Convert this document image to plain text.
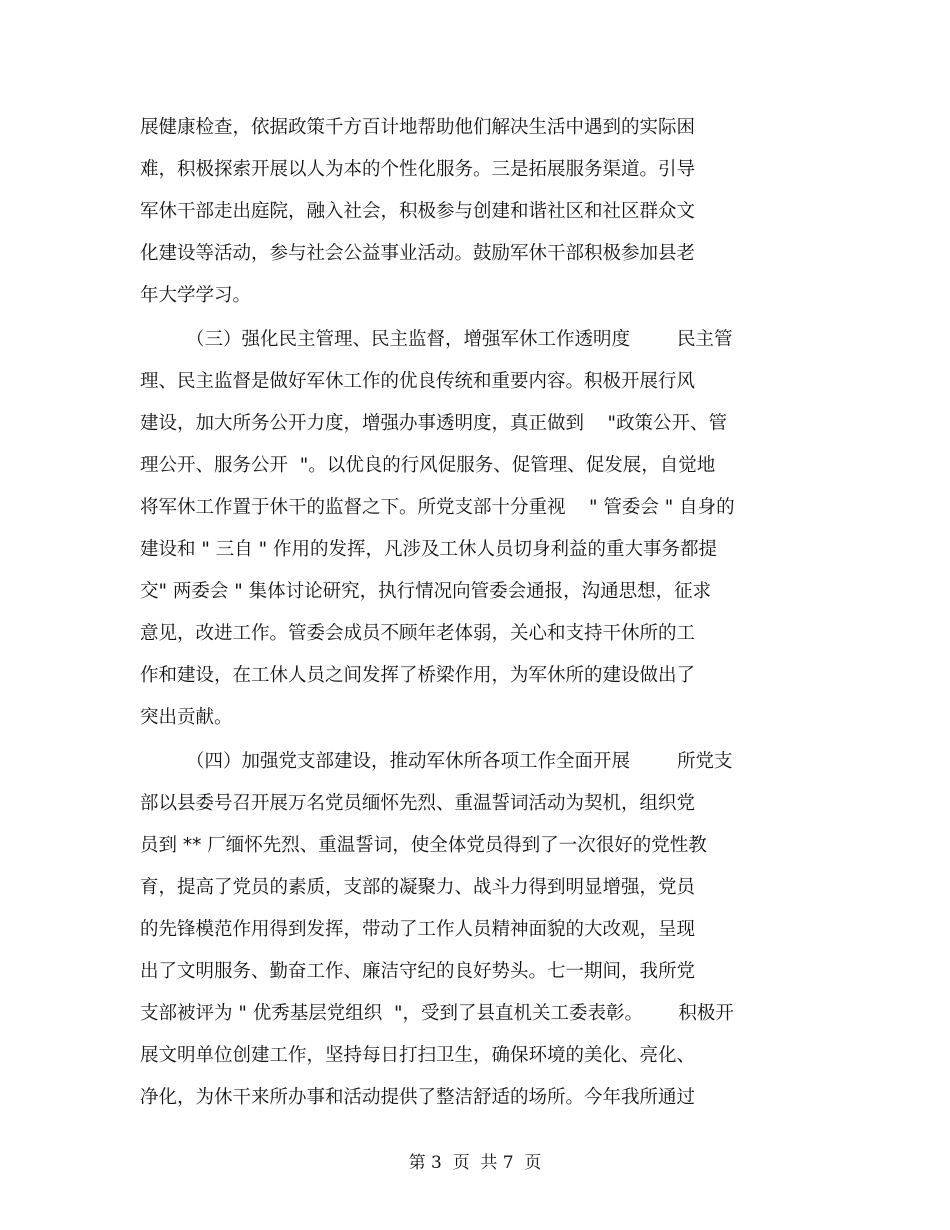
展健康检查，依据政策千方百计地帮助他们解决生活中遇到的实际困
难，积极探索开展以人为本的个性化服务。三是拓展服务渠道。引导
军休干部走出庭院，融入社会，积极参与创建和谐社区和社区群众文
化建设等活动，参与社会公益事业活动。鼓励军休干部积极参加县老
年大学学习。
（三）强化民主管理、民主监督，增强军休工作透明度        民主管
理、民主监督是做好军休工作的优良传统和重要内容。积极开展行风
建设，加大所务公开力度，增强办事透明度，真正做到    "政策公开、管
理公开、服务公开  "。以优良的行风促服务、促管理、促发展，自觉地
将军休工作置于休干的监督之下。所党支部十分重视    " 管委会 " 自身的
建设和 " 三自 " 作用的发挥，凡涉及工休人员切身利益的重大事务都提
交" 两委会 " 集体讨论研究，执行情况向管委会通报，沟通思想，征求
意见，改进工作。管委会成员不顾年老体弱，关心和支持干休所的工
作和建设，在工休人员之间发挥了桥梁作用，为军休所的建设做出了
突出贡献。
（四）加强党支部建设，推动军休所各项工作全面开展        所党支
部以县委号召开展万名党员缅怀先烈、重温誓词活动为契机，组织党
员到 ** 厂缅怀先烈、重温誓词，使全体党员得到了一次很好的党性教
育，提高了党员的素质，支部的凝聚力、战斗力得到明显增强，党员
的先锋模范作用得到发挥，带动了工作人员精神面貌的大改观，呈现
出了文明服务、勤奋工作、廉洁守纪的良好势头。七一期间，我所党
支部被评为 " 优秀基层党组织  "，受到了县直机关工委表彰。      积极开
展文明单位创建工作，坚持每日打扫卫生，确保环境的美化、亮化、
净化，为休干来所办事和活动提供了整洁舒适的场所。今年我所通过
第 3  页  共 7  页
